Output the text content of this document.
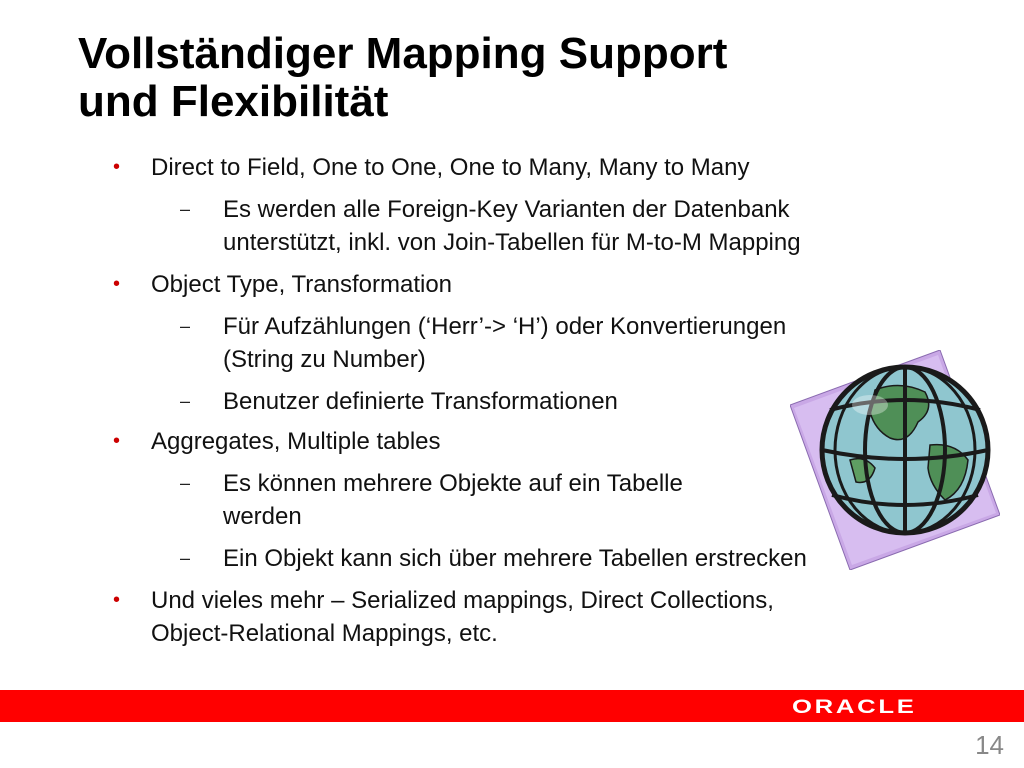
Vollständiger Mapping Support
und Flexibilität
• Direct to Field, One to One, One to Many, Many to Many
– Es werden alle Foreign-Key Varianten der Datenbank
unterstützt, inkl. von Join-Tabellen für M-to-M Mapping
• Object Type, Transformation
– Für Aufzählungen (‘Herr’-> ‘H’) oder Konvertierungen
(String zu Number)
– Benutzer definierte Transformationen
• Aggregates, Multiple tables
– Es können mehrere Objekte auf ein Tabelle
werden
– Ein Objekt kann sich über mehrere Tabellen erstrecken
• Und vieles mehr – Serialized mappings, Direct Collections,
Object-Relational Mappings, etc.
ORACLE
14
